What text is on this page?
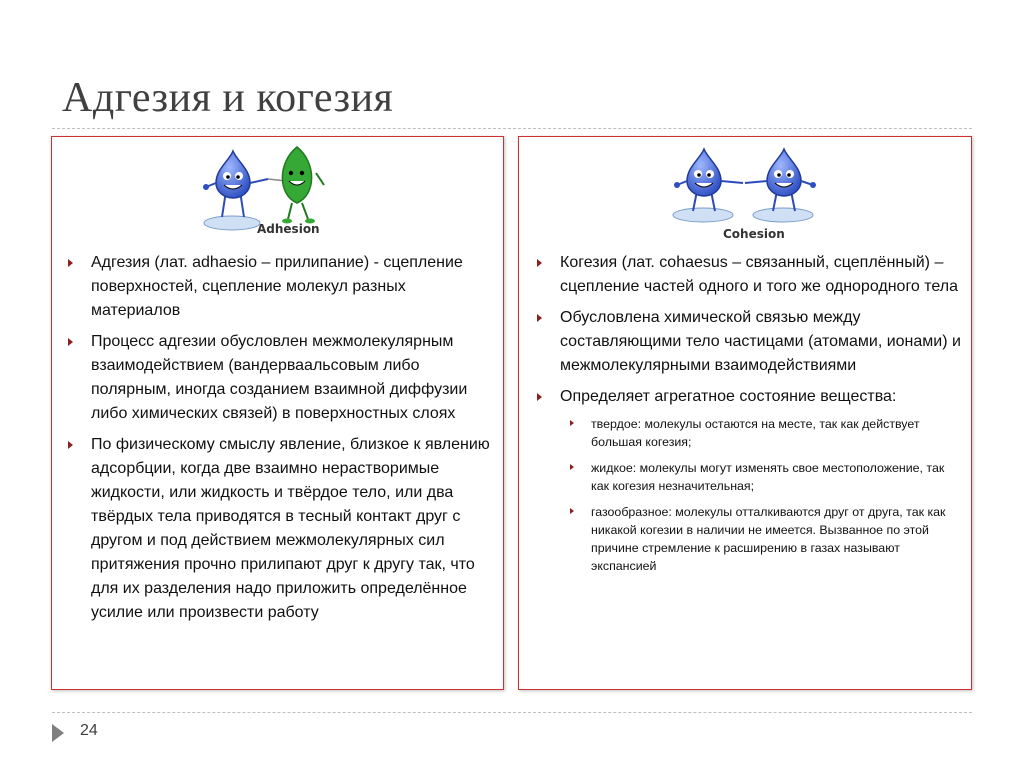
Адгезия и когезия
Adhesion
Адгезия (лат. adhaesio – прилипание) - сцепление поверхностей, сцепление молекул разных материалов
Процесс адгезии обусловлен межмолекулярным взаимодействием (вандерваальсовым либо полярным, иногда созданием взаимной диффузии либо химических связей) в поверхностных слоях
По физическому смыслу явление, близкое к явлению адсорбции, когда две взаимно нерастворимые жидкости, или жидкость и твёрдое тело, или два твёрдых тела приводятся в тесный контакт друг с другом и под действием межмолекулярных сил притяжения прочно прилипают друг к другу так, что для их разделения надо приложить определённое усилие или произвести работу
Cohesion
Когезия (лат. cohaesus – связанный, сцеплённый) – сцепление частей одного и того же однородного тела
Обусловлена химической связью между составляющими тело частицами (атомами, ионами) и межмолекулярными взаимодействиями
Определяет агрегатное состояние вещества:
твердое: молекулы остаются на месте, так как действует большая когезия;
жидкое: молекулы могут изменять свое местоположение, так как когезия незначительная;
газообразное: молекулы отталкиваются друг от друга, так как никакой когезии в наличии не имеется. Вызванное по этой причине стремление к расширению в газах называют экспансией
24
